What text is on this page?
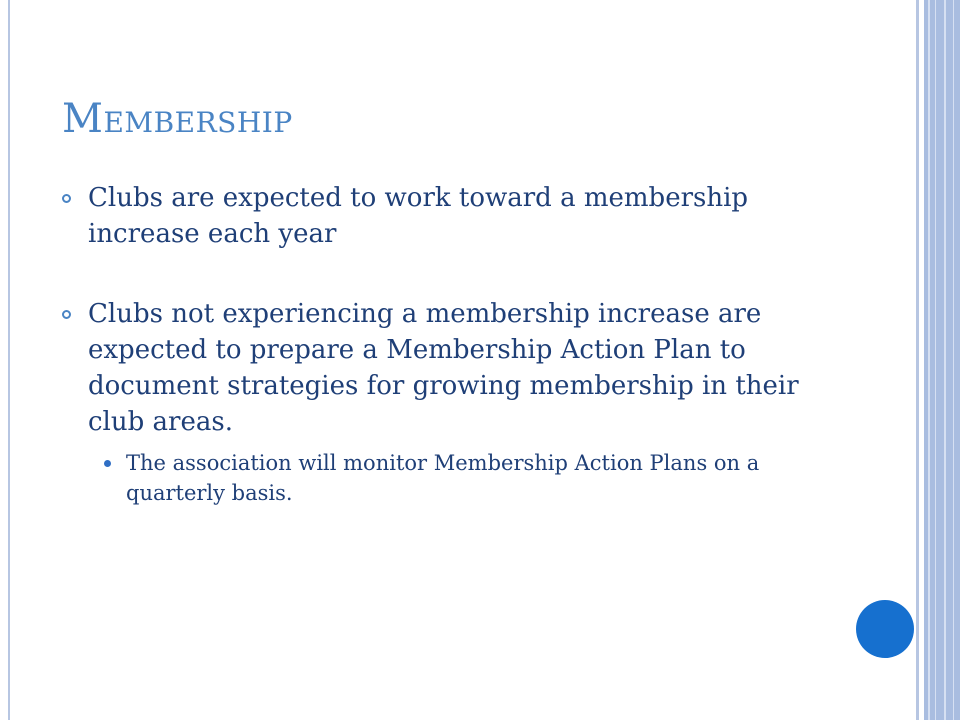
Membership
Clubs are expected to work toward a membership increase each year
Clubs not experiencing a membership increase are expected to prepare a Membership Action Plan to document strategies for growing membership in their club areas.
The association will monitor Membership Action Plans on a quarterly basis.
